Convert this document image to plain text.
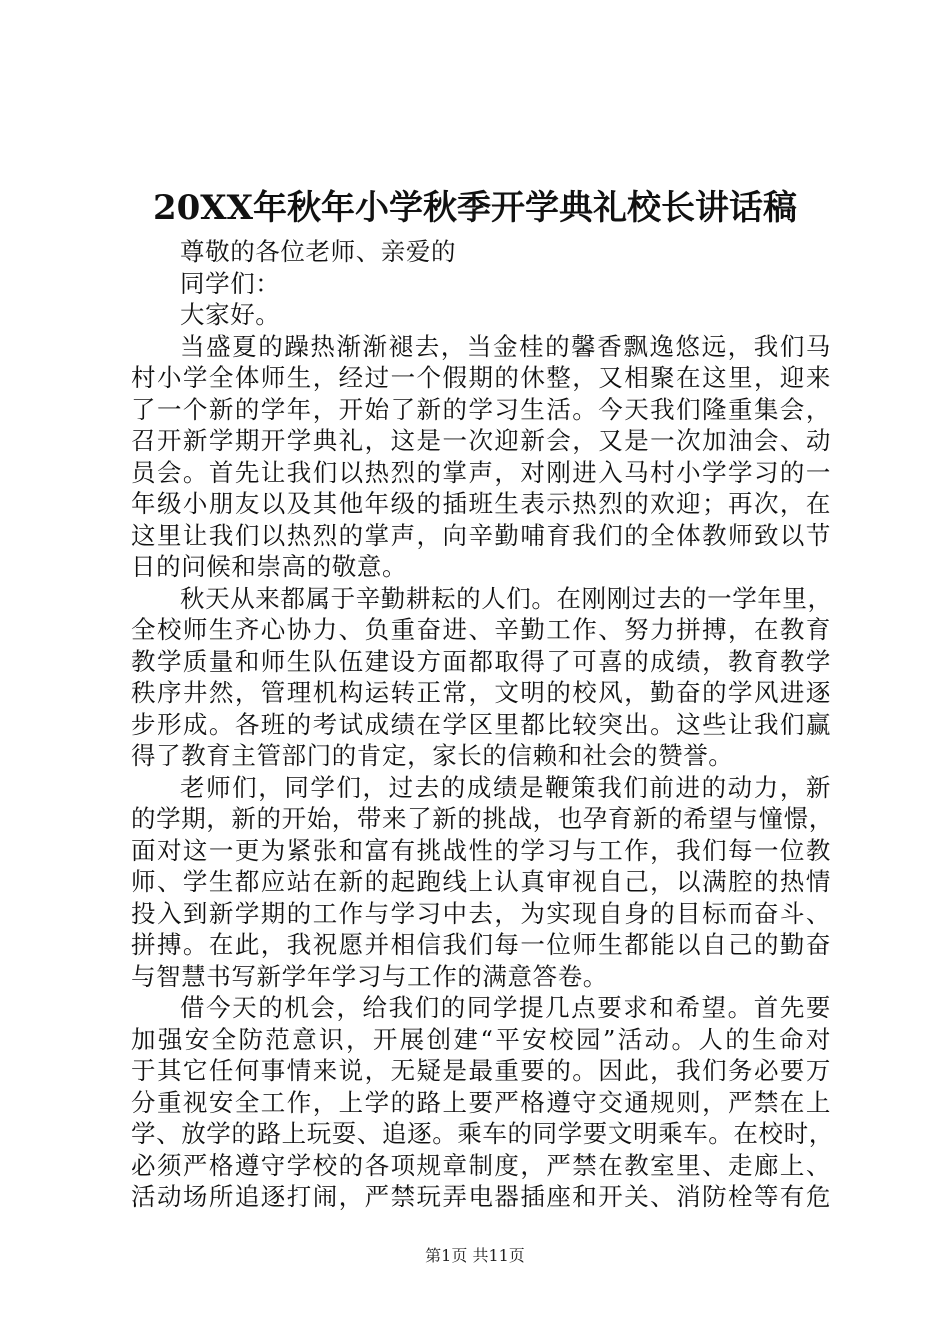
20XX年秋年小学秋季开学典礼校长讲话稿
尊敬的各位老师、亲爱的
同学们：
大家好。
当盛夏的躁热渐渐褪去，当金桂的馨香飘逸悠远，我们马
村小学全体师生，经过一个假期的休整，又相聚在这里，迎来
了一个新的学年，开始了新的学习生活。今天我们隆重集会，
召开新学期开学典礼，这是一次迎新会，又是一次加油会、动
员会。首先让我们以热烈的掌声，对刚进入马村小学学习的一
年级小朋友以及其他年级的插班生表示热烈的欢迎；再次，在
这里让我们以热烈的掌声，向辛勤哺育我们的全体教师致以节
日的问候和崇高的敬意。
秋天从来都属于辛勤耕耘的人们。在刚刚过去的一学年里，
全校师生齐心协力、负重奋进、辛勤工作、努力拼搏，在教育
教学质量和师生队伍建设方面都取得了可喜的成绩，教育教学
秩序井然，管理机构运转正常，文明的校风，勤奋的学风进逐
步形成。各班的考试成绩在学区里都比较突出。这些让我们赢
得了教育主管部门的肯定，家长的信赖和社会的赞誉。
老师们，同学们，过去的成绩是鞭策我们前进的动力，新
的学期，新的开始，带来了新的挑战，也孕育新的希望与憧憬，
面对这一更为紧张和富有挑战性的学习与工作，我们每一位教
师、学生都应站在新的起跑线上认真审视自己，以满腔的热情
投入到新学期的工作与学习中去，为实现自身的目标而奋斗、
拼搏。在此，我祝愿并相信我们每一位师生都能以自己的勤奋
与智慧书写新学年学习与工作的满意答卷。
借今天的机会，给我们的同学提几点要求和希望。首先要
加强安全防范意识，开展创建“平安校园”活动。人的生命对
于其它任何事情来说，无疑是最重要的。因此，我们务必要万
分重视安全工作，上学的路上要严格遵守交通规则，严禁在上
学、放学的路上玩耍、追逐。乘车的同学要文明乘车。在校时，
必须严格遵守学校的各项规章制度，严禁在教室里、走廊上、
活动场所追逐打闹，严禁玩弄电器插座和开关、消防栓等有危
第1页 共11页
